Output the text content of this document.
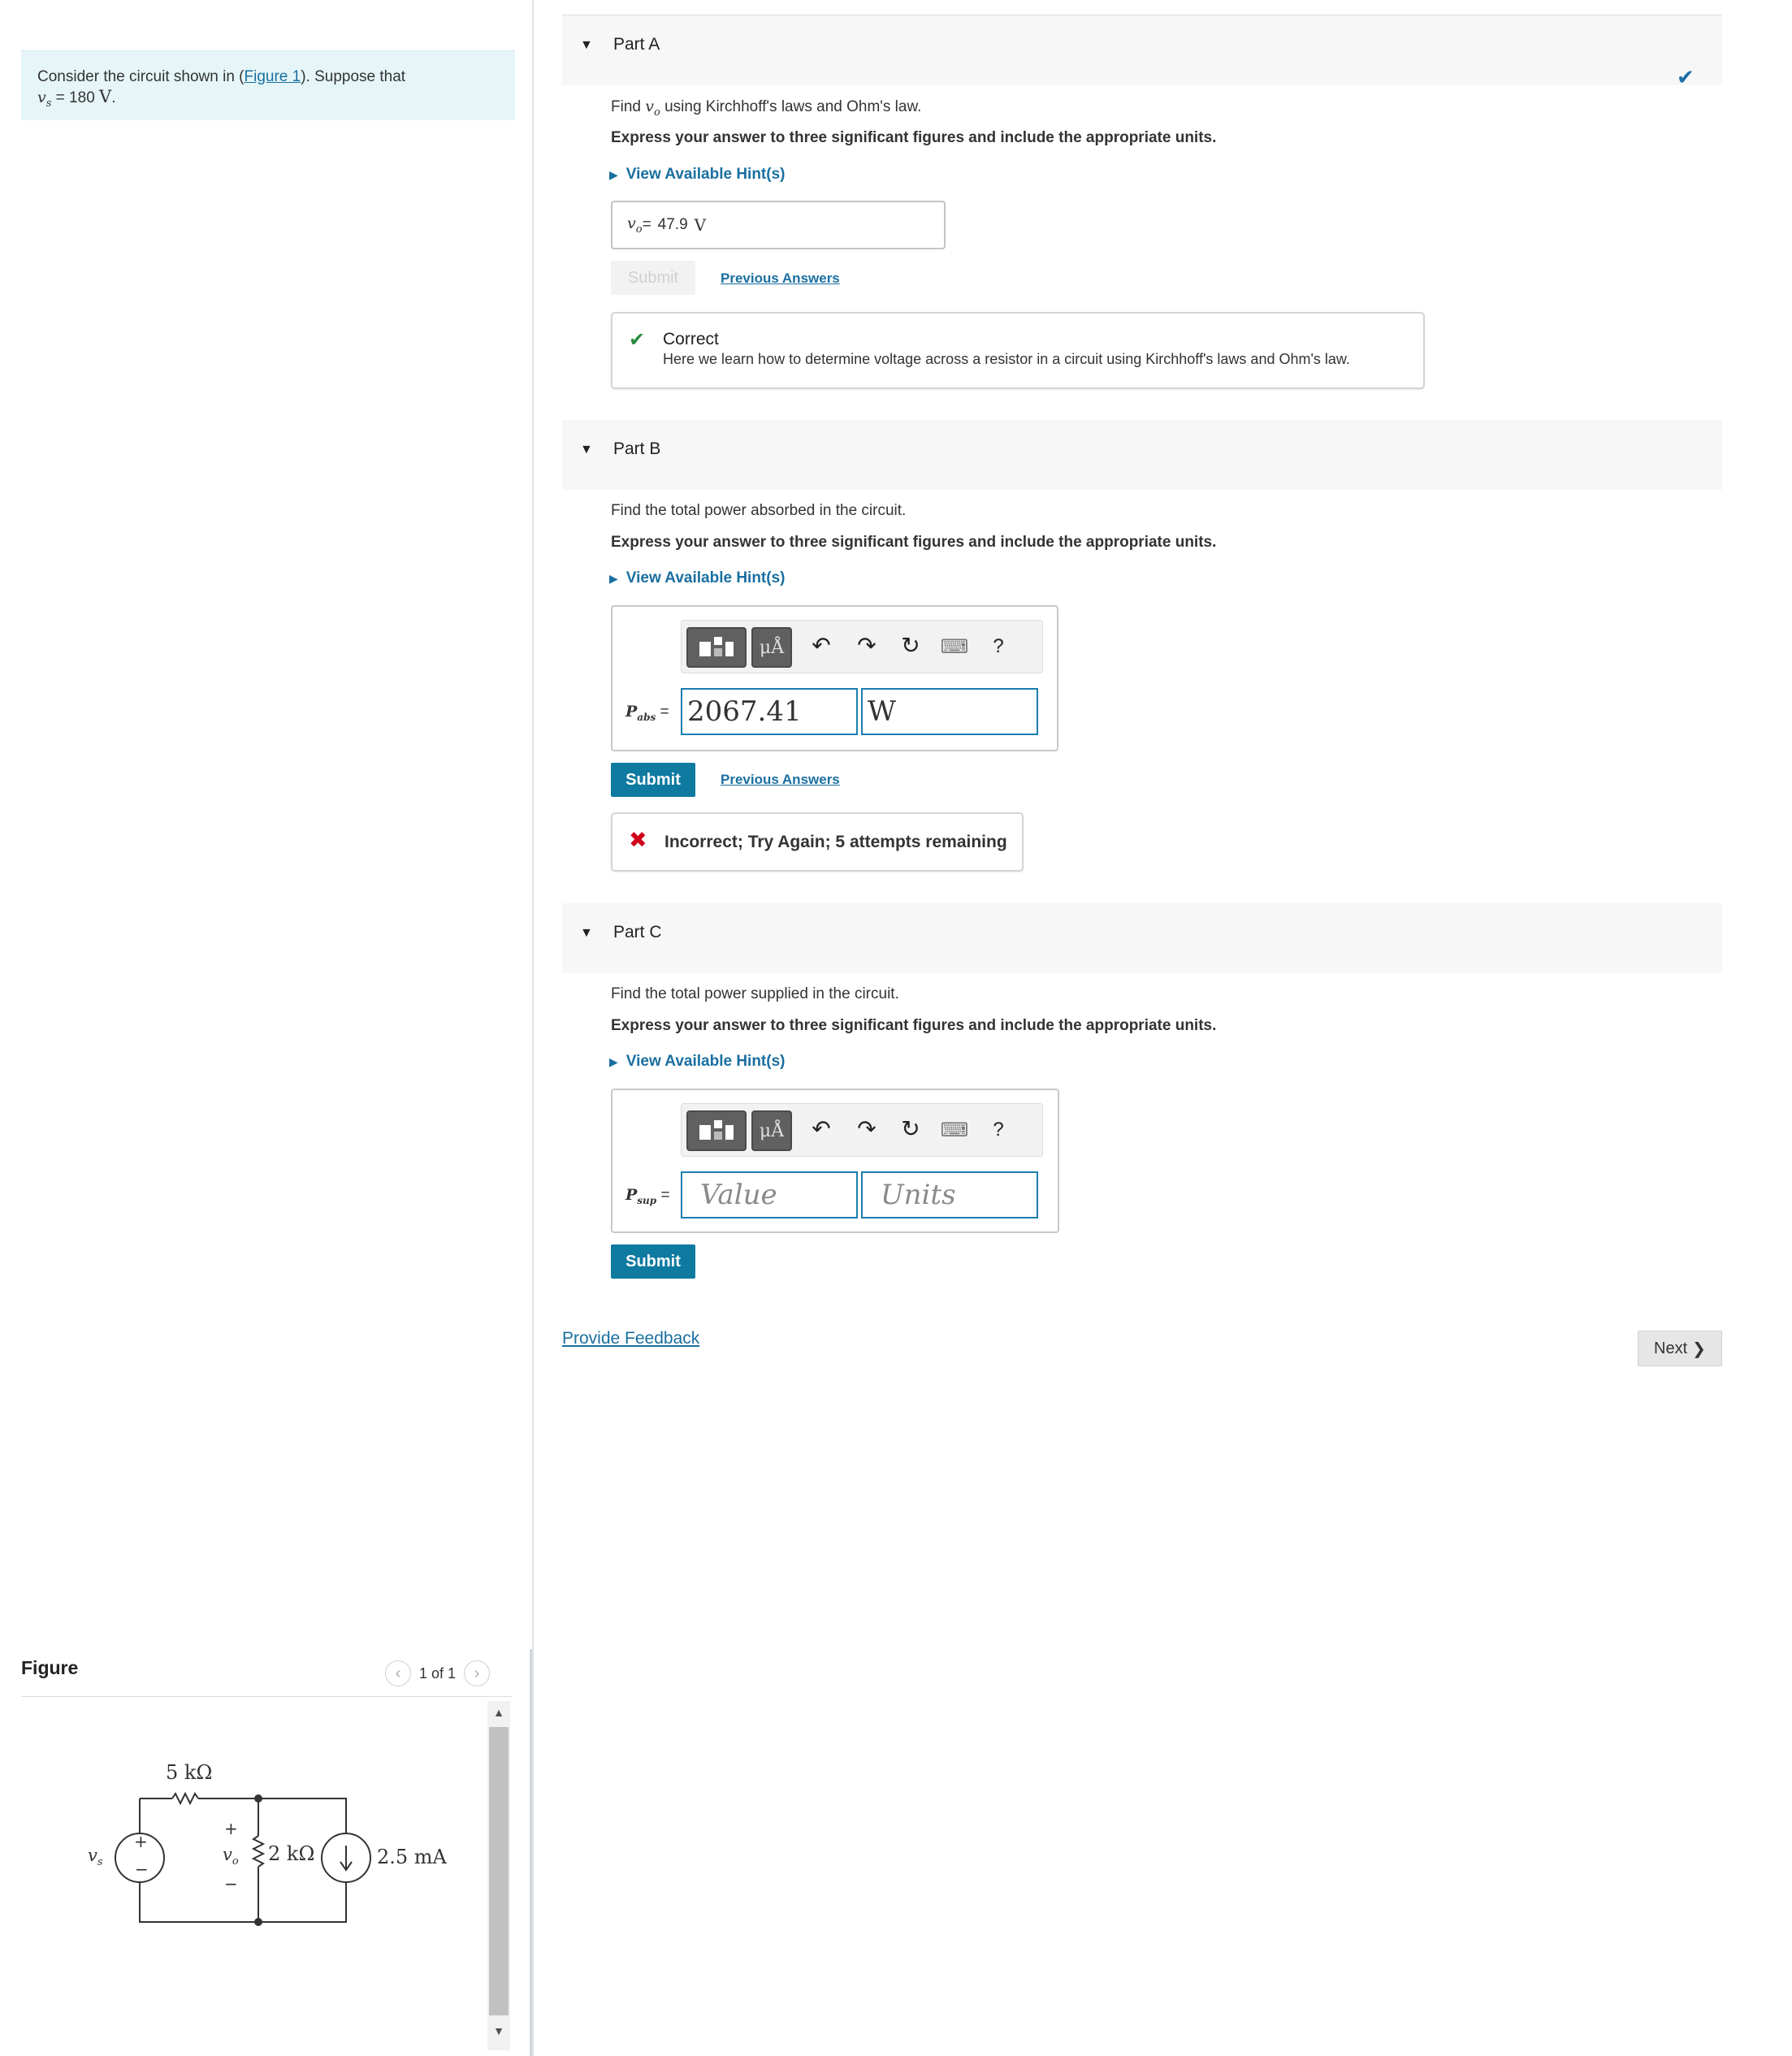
Consider the circuit shown in (Figure 1). Suppose that
$v_s = 180$ V.
Figure	‹ 1 of 1 ›
5 kΩ
2 kΩ	2.5 mA
+
−
$v_s$
+
$v_o$
−
▲
▼
▼ Part A
✔
Find $v_o$ using Kirchhoff's laws and Ohm's law.
Express your answer to three significant figures and include the appropriate units.
▶ View Available Hint(s)
$v_o = 47.9$ V
Submit	Previous Answers
✔ Correct
Here we learn how to determine voltage across a resistor in a circuit using Kirchhoff's laws and Ohm's law.
▼ Part B
Find the total power absorbed in the circuit.
Express your answer to three significant figures and include the appropriate units.
▶ View Available Hint(s)
μÅ ↶ ↷ ↻	⌨	?
$P_{abs} = 2067.41$	W
Submit	Previous Answers
✖ Incorrect; Try Again; 5 attempts remaining
▼ Part C
Find the total power supplied in the circuit.
Express your answer to three significant figures and include the appropriate units.
▶ View Available Hint(s)
μÅ ↶ ↷ ↻	⌨	?
$P_{sup}$ =	Value	Units
Submit
Provide Feedback
Next ❯
